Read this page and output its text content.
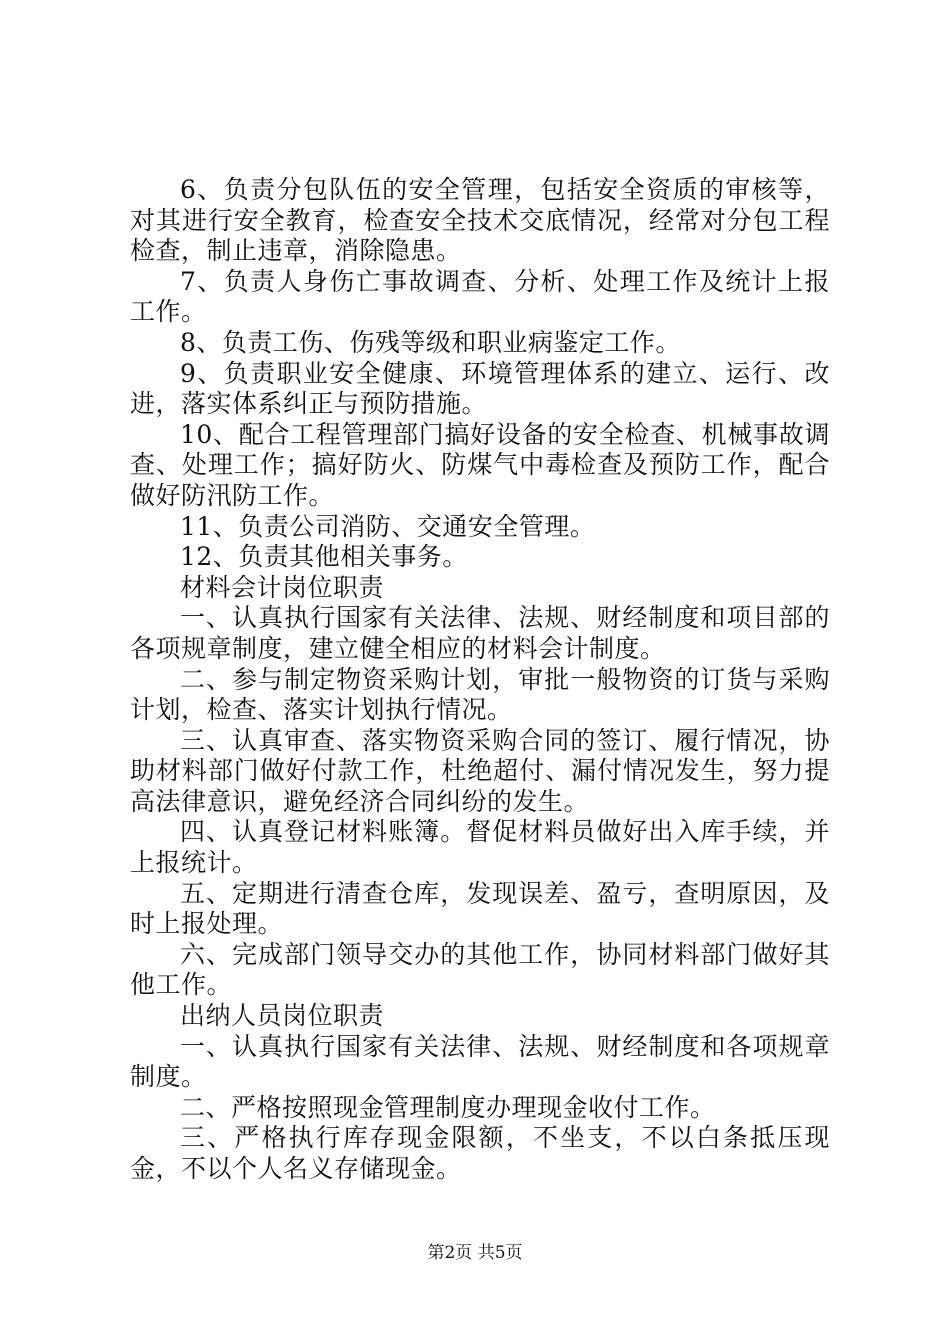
6、负责分包队伍的安全管理，包括安全资质的审核等，对其进行安全教育，检查安全技术交底情况，经常对分包工程检查，制止违章，消除隐患。

7、负责人身伤亡事故调查、分析、处理工作及统计上报工作。

8、负责工伤、伤残等级和职业病鉴定工作。

9、负责职业安全健康、环境管理体系的建立、运行、改进，落实体系纠正与预防措施。

10、配合工程管理部门搞好设备的安全检查、机械事故调查、处理工作；搞好防火、防煤气中毒检查及预防工作，配合做好防汛防工作。

11、负责公司消防、交通安全管理。

12、负责其他相关事务。

材料会计岗位职责

一、认真执行国家有关法律、法规、财经制度和项目部的各项规章制度，建立健全相应的材料会计制度。

二、参与制定物资采购计划，审批一般物资的订货与采购计划，检查、落实计划执行情况。

三、认真审查、落实物资采购合同的签订、履行情况，协助材料部门做好付款工作，杜绝超付、漏付情况发生，努力提高法律意识，避免经济合同纠纷的发生。

四、认真登记材料账簿。督促材料员做好出入库手续，并上报统计。

五、定期进行清查仓库，发现误差、盈亏，查明原因，及时上报处理。

六、完成部门领导交办的其他工作，协同材料部门做好其他工作。

出纳人员岗位职责

一、认真执行国家有关法律、法规、财经制度和各项规章制度。

二、严格按照现金管理制度办理现金收付工作。

三、严格执行库存现金限额，不坐支，不以白条抵压现金，不以个人名义存储现金。

第2页 共5页
